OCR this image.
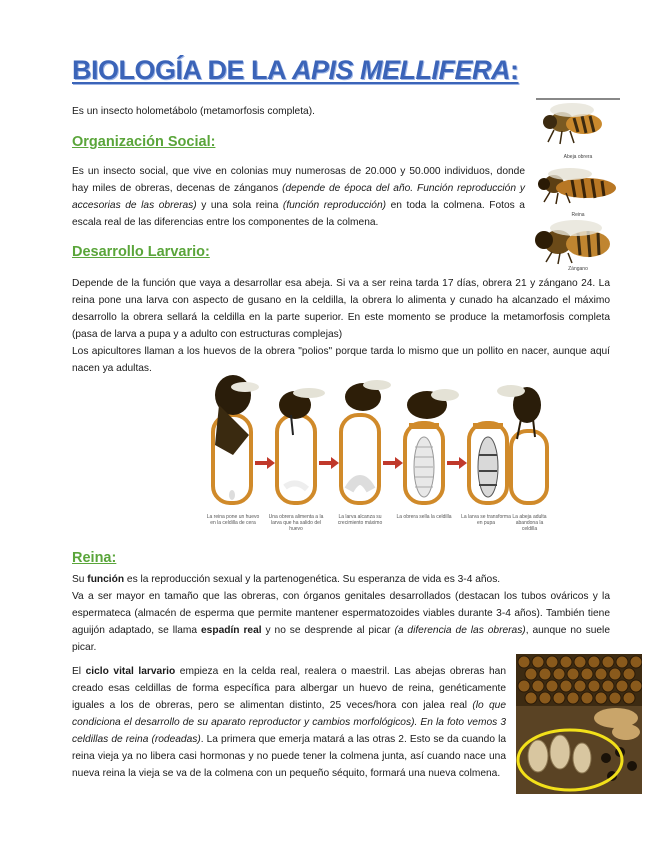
BIOLOGÍA DE LA APIS MELLIFERA:
Es un insecto holometábolo (metamorfosis completa).
Organización Social:
Es un insecto social, que vive en colonias muy numerosas de 20.000 y 50.000 individuos, donde hay miles de obreras, decenas de zánganos (depende de época del año. Función reproducción y accesorias de las obreras) y una sola reina (función reproducción) en toda la colmena. Fotos a escala real de las diferencias entre los componentes de la colmena.
Abeja obrera
Reina
Zángano
Desarrollo Larvario:
Depende de la función que vaya a desarrollar esa abeja. Si va a ser reina tarda 17 días, obrera 21 y zángano 24. La reina pone una larva con aspecto de gusano en la celdilla, la obrera lo alimenta y cunado ha alcanzado el máximo desarrollo la obrera sellará la celdilla en la parte superior. En este momento se produce la metamorfosis completa (pasa de larva a pupa y a adulto con estructuras complejas)
Los apicultores llaman a los huevos de la obrera "polios" porque tarda lo mismo que un pollito en nacer, aunque aquí nacen ya adultas.
La reina pone un huevo en la celdilla de cera
Una obrera alimenta a la larva que ha salido del huevo
La larva alcanza su crecimiento máximo
La obrera sella la celdilla	La larva se transforma en pupa
La abeja adulta abandona la celdilla
Reina:
Su función es la reproducción sexual y la partenogenética. Su esperanza de vida es 3-4 años.
Va a ser mayor en tamaño que las obreras, con órganos genitales desarrollados (destacan los tubos ováricos y la espermateca (almacén de esperma que permite mantener espermatozoides viables durante 3-4 años). También tiene aguijón adaptado, se llama espadín real y no se desprende al picar (a diferencia de las obreras), aunque no suele picar.
El ciclo vital larvario empieza en la celda real, realera o maestril. Las abejas obreras han creado esas celdillas de forma específica para albergar un huevo de reina, genéticamente iguales a los de obreras, pero se alimentan distinto, 25 veces/hora con jalea real (lo que condiciona el desarrollo de su aparato reproductor y cambios morfológicos). En la foto vemos 3 celdillas de reina (rodeadas). La primera que emerja matará a las otras 2. Esto se da cuando la reina vieja ya no libera casi hormonas y no puede tener la colmena junta, así cuando nace una nueva reina la vieja se va de la colmena con un pequeño séquito, formará una nueva colmena.
